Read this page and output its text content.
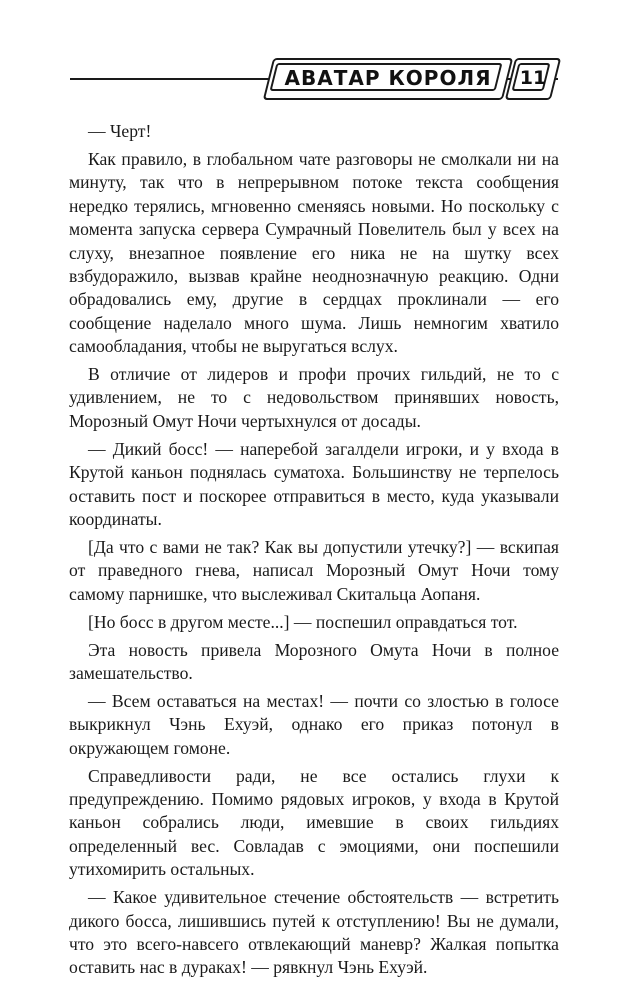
АВАТАР КОРОЛЯ	11

— Черт!

Как правило, в глобальном чате разговоры не смолкали ни на минуту, так что в непрерывном потоке текста сообщения нередко терялись, мгновенно сменяясь новыми. Но поскольку с момента запуска сервера Сумрачный Повелитель был у всех на слуху, внезапное появление его ника не на шутку всех взбудоражило, вызвав крайне неоднозначную реакцию. Одни обрадовались ему, другие в сердцах проклинали — его сообщение наделало много шума. Лишь немногим хватило самообладания, чтобы не выругаться вслух.

В отличие от лидеров и профи прочих гильдий, не то с удивлением, не то с недовольством принявших новость, Морозный Омут Ночи чертыхнулся от досады.

— Дикий босс! — наперебой загалдели игроки, и у входа в Крутой каньон поднялась суматоха. Большинству не терпелось оставить пост и поскорее отправиться в место, куда указывали координаты.

[Да что с вами не так? Как вы допустили утечку?] — вскипая от праведного гнева, написал Морозный Омут Ночи тому самому парнишке, что выслеживал Скитальца Аопаня.

[Но босс в другом месте...] — поспешил оправдаться тот.

Эта новость привела Морозного Омута Ночи в полное замешательство.

— Всем оставаться на местах! — почти со злостью в голосе выкрикнул Чэнь Ехуэй, однако его приказ потонул в окружающем гомоне.

Справедливости ради, не все остались глухи к предупреждению. Помимо рядовых игроков, у входа в Крутой каньон собрались люди, имевшие в своих гильдиях определенный вес. Совладав с эмоциями, они поспешили утихомирить остальных.

— Какое удивительное стечение обстоятельств — встретить дикого босса, лишившись путей к отступлению! Вы не думали, что это всего-навсего отвлекающий маневр? Жалкая попытка оставить нас в дураках! — рявкнул Чэнь Ехуэй.
